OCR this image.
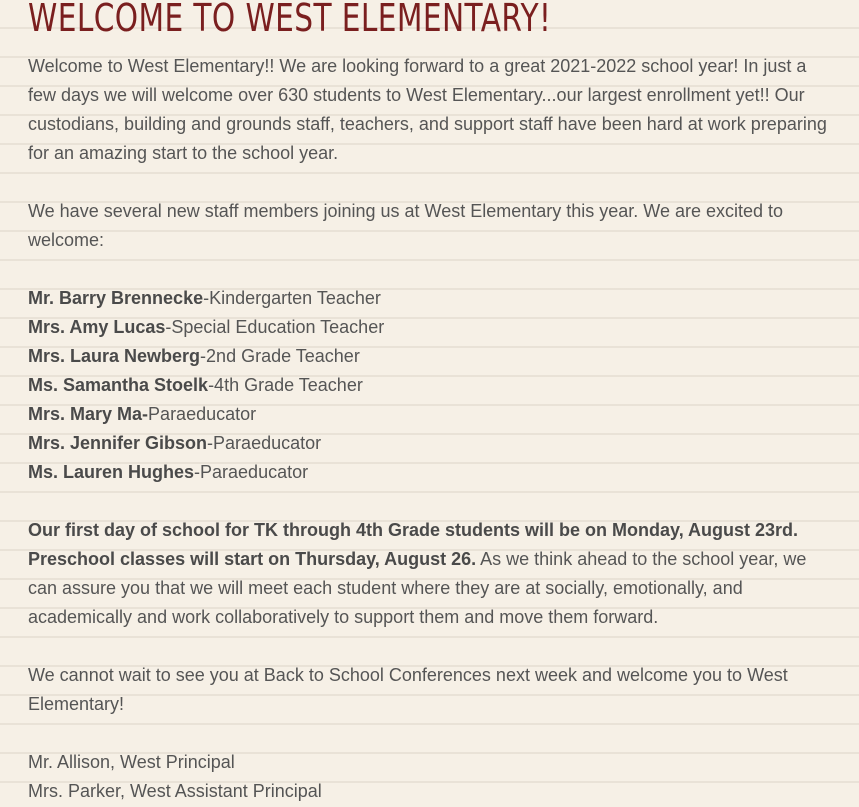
WELCOME TO WEST ELEMENTARY!

Welcome to West Elementary!! We are looking forward to a great 2021-2022 school year! In just a few days we will welcome over 630 students to West Elementary...our largest enrollment yet!! Our custodians, building and grounds staff, teachers, and support staff have been hard at work preparing for an amazing start to the school year.

We have several new staff members joining us at West Elementary this year. We are excited to welcome:

Mr. Barry Brennecke-Kindergarten Teacher
Mrs. Amy Lucas-Special Education Teacher
Mrs. Laura Newberg-2nd Grade Teacher
Ms. Samantha Stoelk-4th Grade Teacher
Mrs. Mary Ma-Paraeducator
Mrs. Jennifer Gibson-Paraeducator
Ms. Lauren Hughes-Paraeducator

Our first day of school for TK through 4th Grade students will be on Monday, August 23rd. Preschool classes will start on Thursday, August 26. As we think ahead to the school year, we can assure you that we will meet each student where they are at socially, emotionally, and academically and work collaboratively to support them and move them forward.

We cannot wait to see you at Back to School Conferences next week and welcome you to West Elementary!

Mr. Allison, West Principal
Mrs. Parker, West Assistant Principal
